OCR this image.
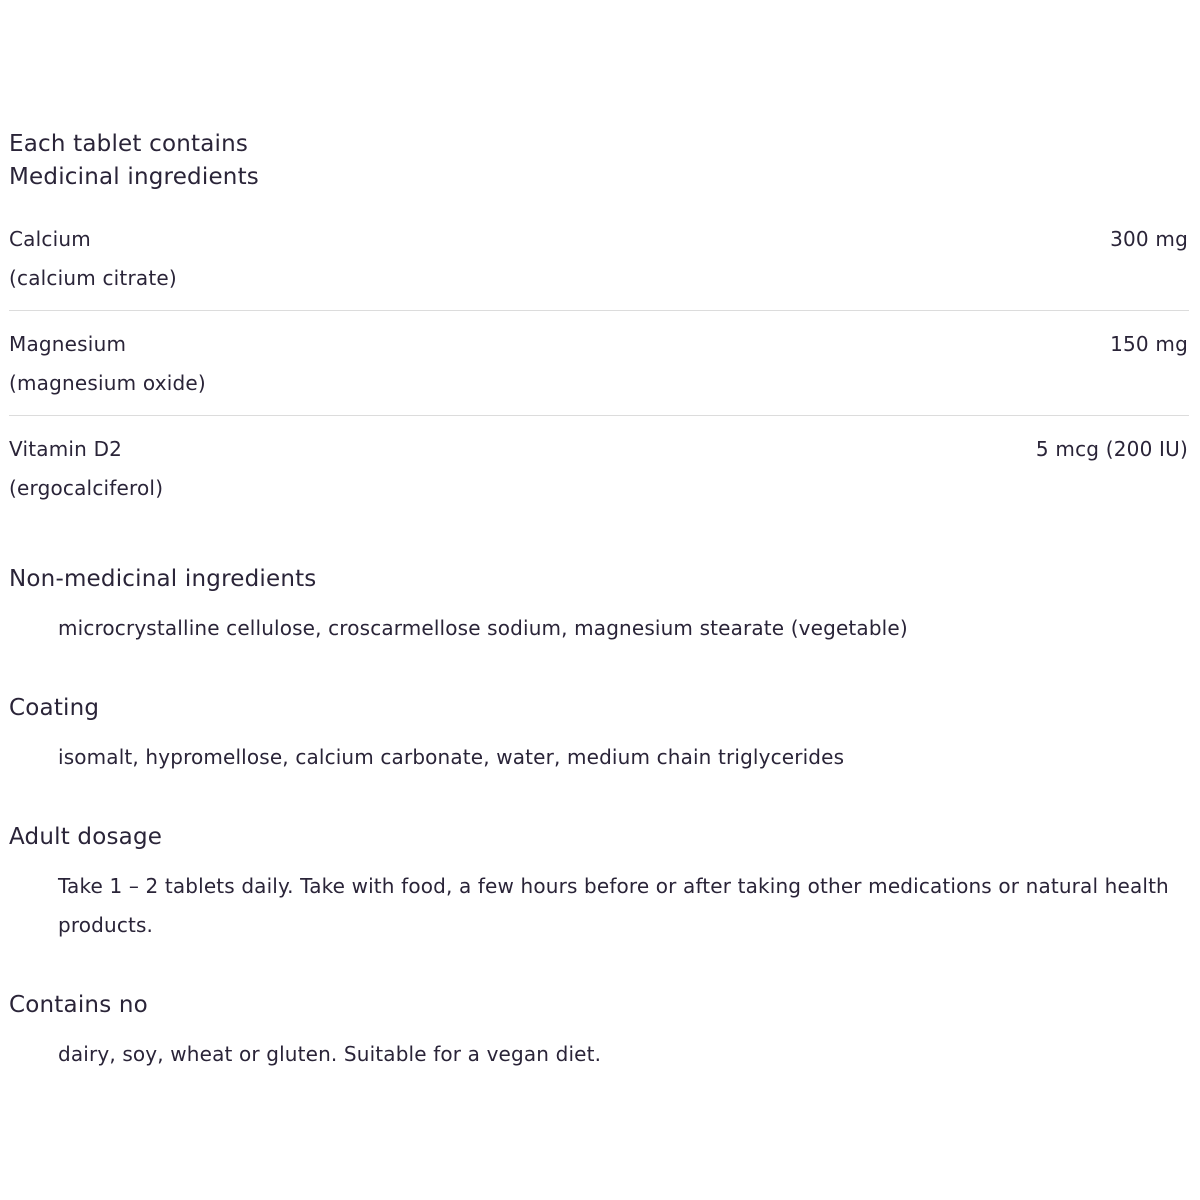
Each tablet contains
Medicinal ingredients
Calcium	300 mg
(calcium citrate)
Magnesium	150 mg
(magnesium oxide)
Vitamin D2	5 mcg (200 IU)
(ergocalciferol)
Non-medicinal ingredients
microcrystalline cellulose, croscarmellose sodium, magnesium stearate (vegetable)
Coating
isomalt, hypromellose, calcium carbonate, water, medium chain triglycerides
Adult dosage
Take 1 – 2 tablets daily. Take with food, a few hours before or after taking other medications or natural health products.
Contains no
dairy, soy, wheat or gluten. Suitable for a vegan diet.
